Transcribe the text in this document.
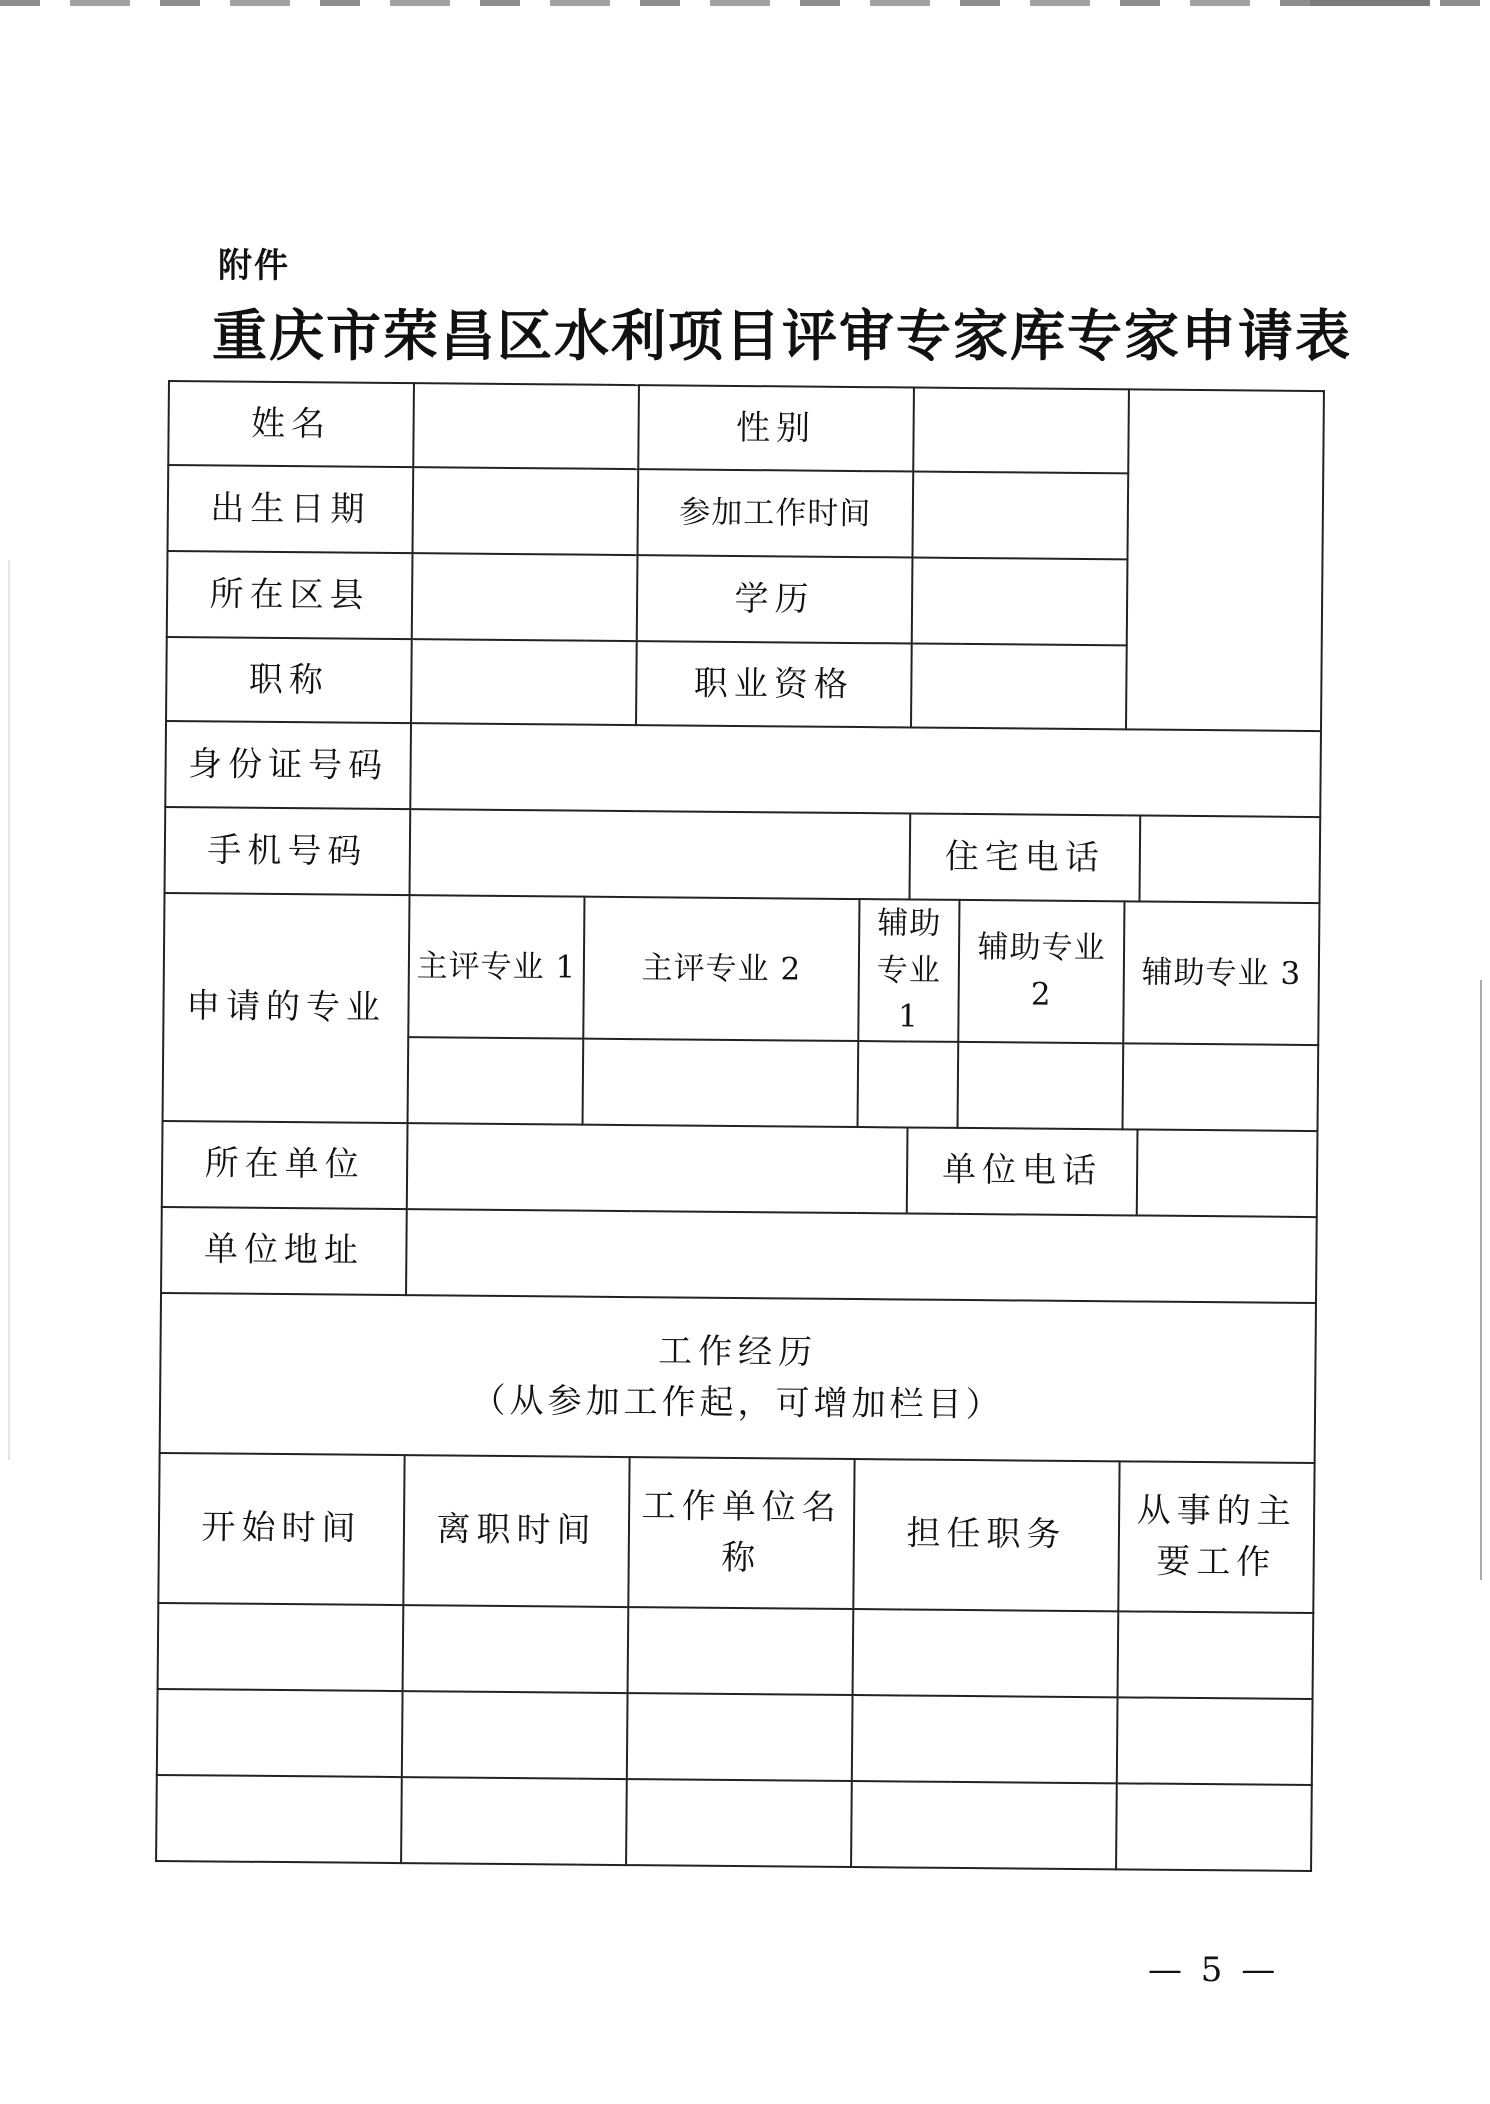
附件
重庆市荣昌区水利项目评审专家库专家申请表
姓名			性别					
出生日期			参加工作时间					
所在区县			学历					
职称			职业资格					
身份证号码								
手机号码					住宅电话			
申请的专业	主评专业 1	主评专业 2		辅助专业 1		辅助专业 2	辅助专业 3	

所在单位					单位电话			
单位地址								

工作经历
（从参加工作起，可增加栏目）								

开始时间	离职时间		工作单位名称	担任职务			从事的主要工作	

— 5 —
